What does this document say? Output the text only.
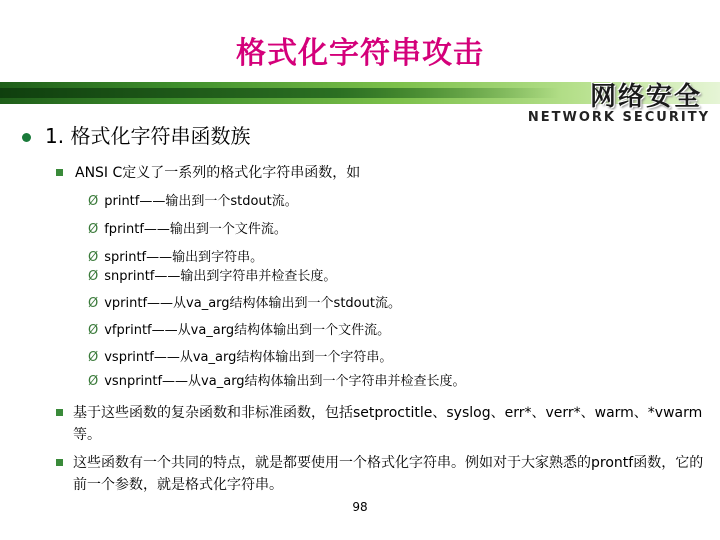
格式化字符串攻击
网络安全
NETWORK SECURITY
1. 格式化字符串函数族
ANSI C定义了一系列的格式化字符串函数，如
Ø printf——输出到一个stdout流。
Ø fprintf——输出到一个文件流。
Ø sprintf——输出到字符串。
Ø snprintf——输出到字符串并检查长度。
Ø vprintf——从va_arg结构体输出到一个stdout流。
Ø vfprintf——从va_arg结构体输出到一个文件流。
Ø vsprintf——从va_arg结构体输出到一个字符串。
Ø vsnprintf——从va_arg结构体输出到一个字符串并检查长度。
基于这些函数的复杂函数和非标准函数，包括setproctitle、syslog、err*、verr*、warm、*vwarm等。
这些函数有一个共同的特点，就是都要使用一个格式化字符串。例如对于大家熟悉的prontf函数，它的前一个参数，就是格式化字符串。
98
